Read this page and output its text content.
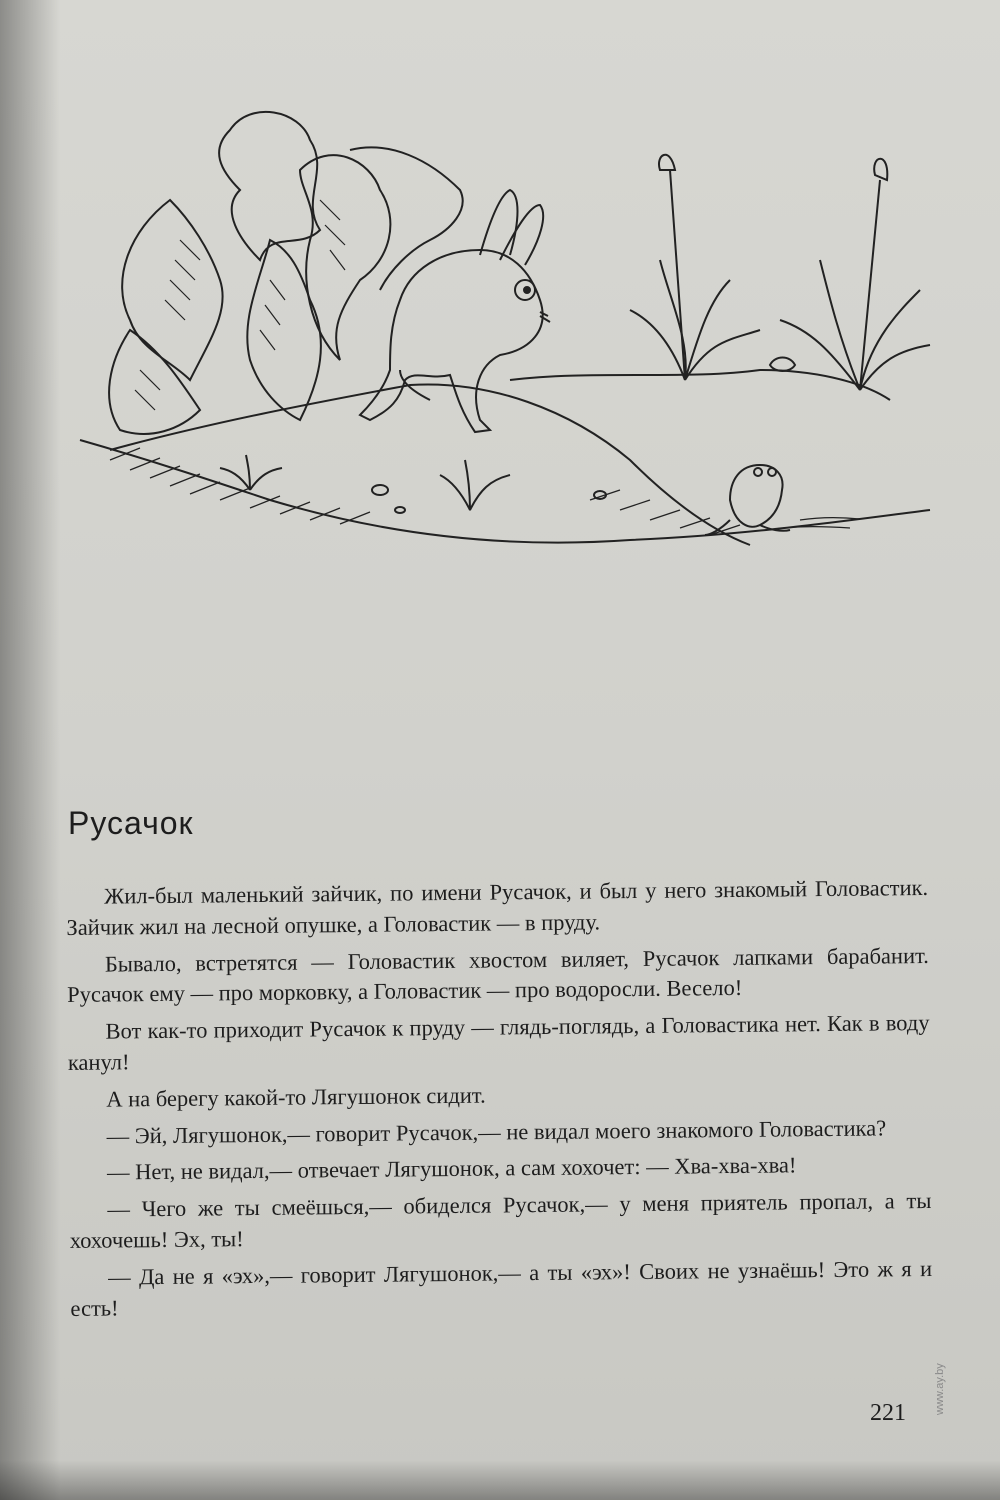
Русачок

Жил-был маленький зайчик, по имени Русачок, и был у него знакомый Головастик. Зайчик жил на лесной опушке, а Головастик — в пруду.

Бывало, встретятся — Головастик хвостом виляет, Русачок лапками барабанит. Русачок ему — про морковку, а Головастик — про водоросли. Весело!

Вот как-то приходит Русачок к пруду — глядь-поглядь, а Головастика нет. Как в воду канул!

А на берегу какой-то Лягушонок сидит.

— Эй, Лягушонок,— говорит Русачок,— не видал моего знакомого Головастика?

— Нет, не видал,— отвечает Лягушонок, а сам хохочет: — Хва-хва-хва!

— Чего же ты смеёшься,— обиделся Русачок,— у меня приятель пропал, а ты хохочешь! Эх, ты!

— Да не я «эх»,— говорит Лягушонок,— а ты «эх»! Своих не узнаёшь! Это ж я и есть!

221	www.ay.by
